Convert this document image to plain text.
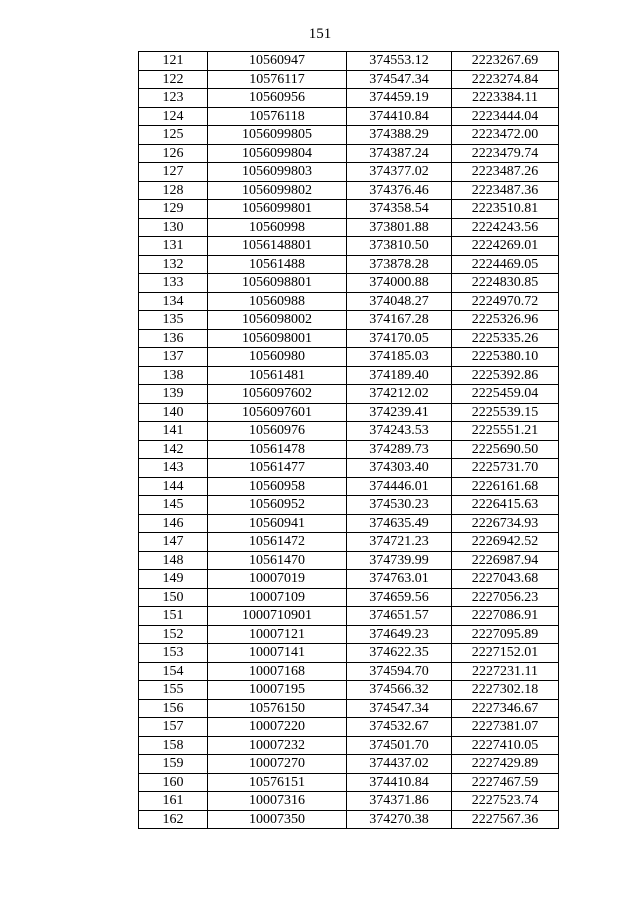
151
121	10560947	374553.12	2223267.69
122	10576117	374547.34	2223274.84
123	10560956	374459.19	2223384.11
124	10576118	374410.84	2223444.04
125	1056099805	374388.29	2223472.00
126	1056099804	374387.24	2223479.74
127	1056099803	374377.02	2223487.26
128	1056099802	374376.46	2223487.36
129	1056099801	374358.54	2223510.81
130	10560998	373801.88	2224243.56
131	1056148801	373810.50	2224269.01
132	10561488	373878.28	2224469.05
133	1056098801	374000.88	2224830.85
134	10560988	374048.27	2224970.72
135	1056098002	374167.28	2225326.96
136	1056098001	374170.05	2225335.26
137	10560980	374185.03	2225380.10
138	10561481	374189.40	2225392.86
139	1056097602	374212.02	2225459.04
140	1056097601	374239.41	2225539.15
141	10560976	374243.53	2225551.21
142	10561478	374289.73	2225690.50
143	10561477	374303.40	2225731.70
144	10560958	374446.01	2226161.68
145	10560952	374530.23	2226415.63
146	10560941	374635.49	2226734.93
147	10561472	374721.23	2226942.52
148	10561470	374739.99	2226987.94
149	10007019	374763.01	2227043.68
150	10007109	374659.56	2227056.23
151	1000710901	374651.57	2227086.91
152	10007121	374649.23	2227095.89
153	10007141	374622.35	2227152.01
154	10007168	374594.70	2227231.11
155	10007195	374566.32	2227302.18
156	10576150	374547.34	2227346.67
157	10007220	374532.67	2227381.07
158	10007232	374501.70	2227410.05
159	10007270	374437.02	2227429.89
160	10576151	374410.84	2227467.59
161	10007316	374371.86	2227523.74
162	10007350	374270.38	2227567.36
